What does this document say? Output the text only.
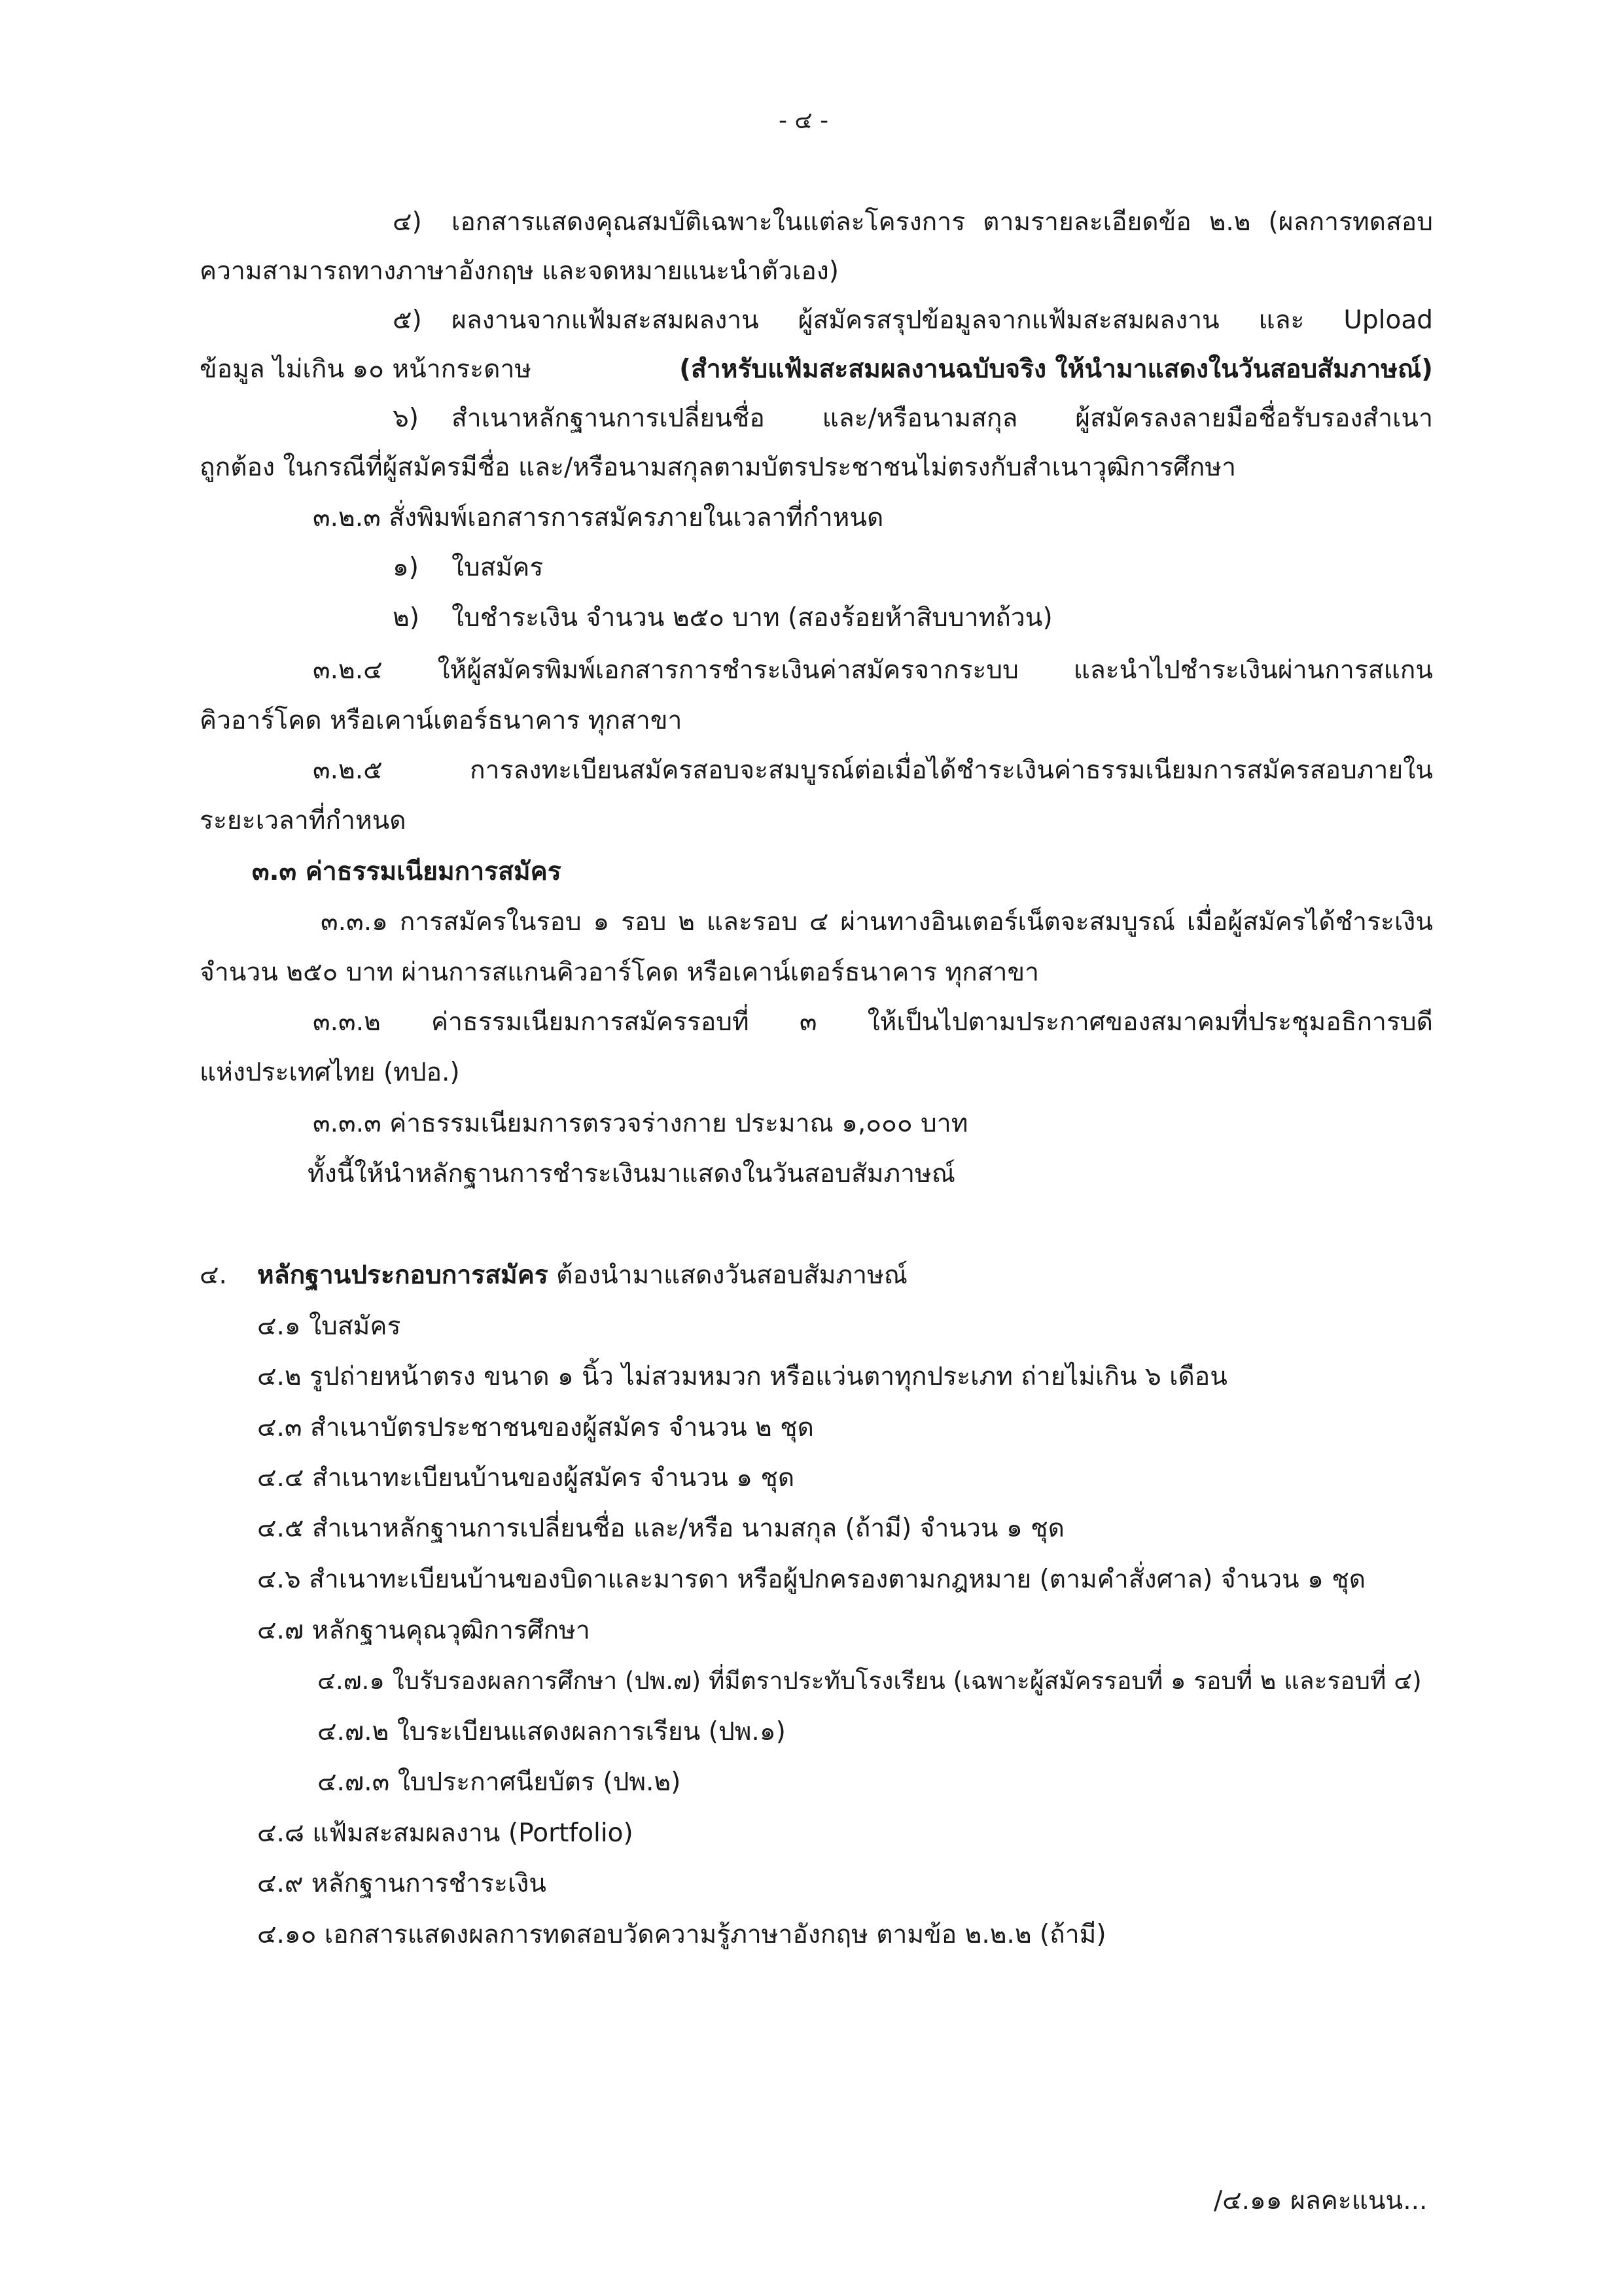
- ๔ -
๔) เอกสารแสดงคุณสมบัติเฉพาะในแต่ละโครงการ ตามรายละเอียดข้อ ๒.๒ (ผลการทดสอบ
ความสามารถทางภาษาอังกฤษ และจดหมายแนะนำตัวเอง)
๕) ผลงานจากแฟ้มสะสมผลงาน ผู้สมัครสรุปข้อมูลจากแฟ้มสะสมผลงาน และ Upload
ข้อมูล ไม่เกิน ๑๐ หน้ากระดาษ	(สำหรับแฟ้มสะสมผลงานฉบับจริง ให้นำมาแสดงในวันสอบสัมภาษณ์)
๖) สำเนาหลักฐานการเปลี่ยนชื่อ และ/หรือนามสกุล ผู้สมัครลงลายมือชื่อรับรองสำเนา
ถูกต้อง ในกรณีที่ผู้สมัครมีชื่อ และ/หรือนามสกุลตามบัตรประชาชนไม่ตรงกับสำเนาวุฒิการศึกษา
๓.๒.๓ สั่งพิมพ์เอกสารการสมัครภายในเวลาที่กำหนด
๑) ใบสมัคร
๒) ใบชำระเงิน จำนวน ๒๕๐ บาท (สองร้อยห้าสิบบาทถ้วน)
๓.๒.๔ ให้ผู้สมัครพิมพ์เอกสารการชำระเงินค่าสมัครจากระบบ และนำไปชำระเงินผ่านการสแกน
คิวอาร์โคด หรือเคาน์เตอร์ธนาคาร ทุกสาขา
๓.๒.๕ การลงทะเบียนสมัครสอบจะสมบูรณ์ต่อเมื่อได้ชำระเงินค่าธรรมเนียมการสมัครสอบภายใน
ระยะเวลาที่กำหนด
๓.๓ ค่าธรรมเนียมการสมัคร
๓.๓.๑ การสมัครในรอบ ๑ รอบ ๒ และรอบ ๔ ผ่านทางอินเตอร์เน็ตจะสมบูรณ์ เมื่อผู้สมัครได้ชำระเงิน
จำนวน ๒๕๐ บาท ผ่านการสแกนคิวอาร์โคด หรือเคาน์เตอร์ธนาคาร ทุกสาขา
๓.๓.๒ ค่าธรรมเนียมการสมัครรอบที่ ๓ ให้เป็นไปตามประกาศของสมาคมที่ประชุมอธิการบดี
แห่งประเทศไทย (ทปอ.)
๓.๓.๓ ค่าธรรมเนียมการตรวจร่างกาย ประมาณ ๑,๐๐๐ บาท
ทั้งนี้ให้นำหลักฐานการชำระเงินมาแสดงในวันสอบสัมภาษณ์
๔. หลักฐานประกอบการสมัคร ต้องนำมาแสดงวันสอบสัมภาษณ์
๔.๑ ใบสมัคร
๔.๒ รูปถ่ายหน้าตรง ขนาด ๑ นิ้ว ไม่สวมหมวก หรือแว่นตาทุกประเภท ถ่ายไม่เกิน ๖ เดือน
๔.๓ สำเนาบัตรประชาชนของผู้สมัคร จำนวน ๒ ชุด
๔.๔ สำเนาทะเบียนบ้านของผู้สมัคร จำนวน ๑ ชุด
๔.๕ สำเนาหลักฐานการเปลี่ยนชื่อ และ/หรือ นามสกุล (ถ้ามี) จำนวน ๑ ชุด
๔.๖ สำเนาทะเบียนบ้านของบิดาและมารดา หรือผู้ปกครองตามกฎหมาย (ตามคำสั่งศาล) จำนวน ๑ ชุด
๔.๗ หลักฐานคุณวุฒิการศึกษา
๔.๗.๑ ใบรับรองผลการศึกษา (ปพ.๗) ที่มีตราประทับโรงเรียน (เฉพาะผู้สมัครรอบที่ ๑ รอบที่ ๒ และรอบที่ ๔)
๔.๗.๒ ใบระเบียนแสดงผลการเรียน (ปพ.๑)
๔.๗.๓ ใบประกาศนียบัตร (ปพ.๒)
๔.๘ แฟ้มสะสมผลงาน (Portfolio)
๔.๙ หลักฐานการชำระเงิน
๔.๑๐ เอกสารแสดงผลการทดสอบวัดความรู้ภาษาอังกฤษ ตามข้อ ๒.๒.๒ (ถ้ามี)
/๔.๑๑ ผลคะแนน...
